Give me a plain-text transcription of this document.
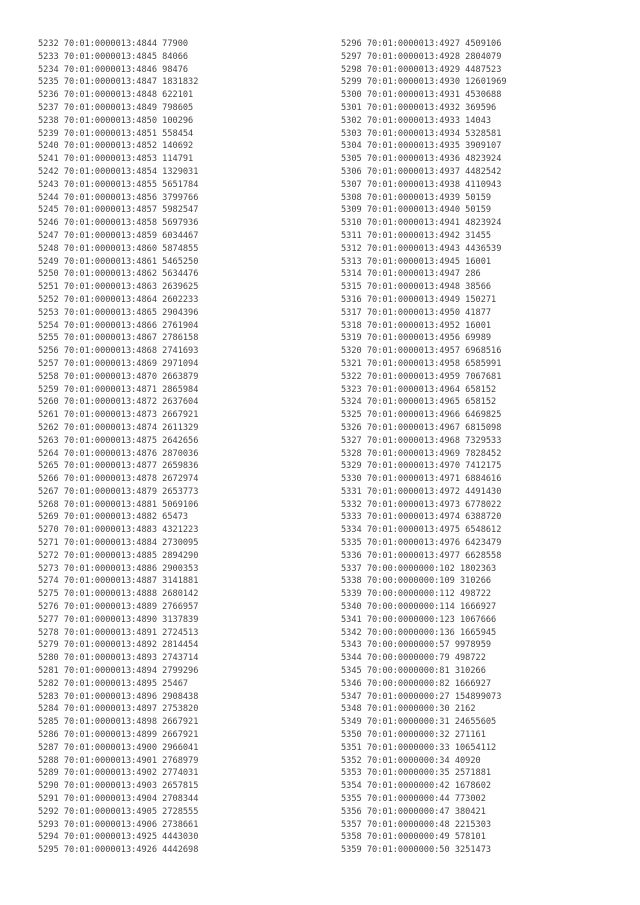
5232 70:01:0000013:4844 77900
5233 70:01:0000013:4845 84066
5234 70:01:0000013:4846 98476
5235 70:01:0000013:4847 1831832
5236 70:01:0000013:4848 622101
5237 70:01:0000013:4849 798605
5238 70:01:0000013:4850 100296
5239 70:01:0000013:4851 558454
5240 70:01:0000013:4852 140692
5241 70:01:0000013:4853 114791
5242 70:01:0000013:4854 1329031
5243 70:01:0000013:4855 5651784
5244 70:01:0000013:4856 3799766
5245 70:01:0000013:4857 5982547
5246 70:01:0000013:4858 5697936
5247 70:01:0000013:4859 6034467
5248 70:01:0000013:4860 5874855
5249 70:01:0000013:4861 5465250
5250 70:01:0000013:4862 5634476
5251 70:01:0000013:4863 2639625
5252 70:01:0000013:4864 2602233
5253 70:01:0000013:4865 2904396
5254 70:01:0000013:4866 2761904
5255 70:01:0000013:4867 2786158
5256 70:01:0000013:4868 2741693
5257 70:01:0000013:4869 2971094
5258 70:01:0000013:4870 2663879
5259 70:01:0000013:4871 2865984
5260 70:01:0000013:4872 2637604
5261 70:01:0000013:4873 2667921
5262 70:01:0000013:4874 2611329
5263 70:01:0000013:4875 2642656
5264 70:01:0000013:4876 2870036
5265 70:01:0000013:4877 2659836
5266 70:01:0000013:4878 2672974
5267 70:01:0000013:4879 2653773
5268 70:01:0000013:4881 5069106
5269 70:01:0000013:4882 65473
5270 70:01:0000013:4883 4321223
5271 70:01:0000013:4884 2730095
5272 70:01:0000013:4885 2894290
5273 70:01:0000013:4886 2900353
5274 70:01:0000013:4887 3141881
5275 70:01:0000013:4888 2680142
5276 70:01:0000013:4889 2766957
5277 70:01:0000013:4890 3137839
5278 70:01:0000013:4891 2724513
5279 70:01:0000013:4892 2814454
5280 70:01:0000013:4893 2743714
5281 70:01:0000013:4894 2799296
5282 70:01:0000013:4895 25467
5283 70:01:0000013:4896 2908438
5284 70:01:0000013:4897 2753820
5285 70:01:0000013:4898 2667921
5286 70:01:0000013:4899 2667921
5287 70:01:0000013:4900 2966041
5288 70:01:0000013:4901 2768979
5289 70:01:0000013:4902 2774031
5290 70:01:0000013:4903 2657815
5291 70:01:0000013:4904 2708344
5292 70:01:0000013:4905 2728555
5293 70:01:0000013:4906 2738661
5294 70:01:0000013:4925 4443030
5295 70:01:0000013:4926 4442698
5296 70:01:0000013:4927 4509106
5297 70:01:0000013:4928 2804079
5298 70:01:0000013:4929 4487523
5299 70:01:0000013:4930 12601969
5300 70:01:0000013:4931 4530688
5301 70:01:0000013:4932 369596
5302 70:01:0000013:4933 14043
5303 70:01:0000013:4934 5328581
5304 70:01:0000013:4935 3909107
5305 70:01:0000013:4936 4823924
5306 70:01:0000013:4937 4482542
5307 70:01:0000013:4938 4110943
5308 70:01:0000013:4939 50159
5309 70:01:0000013:4940 50159
5310 70:01:0000013:4941 4823924
5311 70:01:0000013:4942 31455
5312 70:01:0000013:4943 4436539
5313 70:01:0000013:4945 16001
5314 70:01:0000013:4947 286
5315 70:01:0000013:4948 38566
5316 70:01:0000013:4949 150271
5317 70:01:0000013:4950 41877
5318 70:01:0000013:4952 16001
5319 70:01:0000013:4956 69989
5320 70:01:0000013:4957 6968516
5321 70:01:0000013:4958 6585991
5322 70:01:0000013:4959 7067681
5323 70:01:0000013:4964 658152
5324 70:01:0000013:4965 658152
5325 70:01:0000013:4966 6469825
5326 70:01:0000013:4967 6815098
5327 70:01:0000013:4968 7329533
5328 70:01:0000013:4969 7828452
5329 70:01:0000013:4970 7412175
5330 70:01:0000013:4971 6884616
5331 70:01:0000013:4972 4491430
5332 70:01:0000013:4973 6778022
5333 70:01:0000013:4974 6388720
5334 70:01:0000013:4975 6548612
5335 70:01:0000013:4976 6423479
5336 70:01:0000013:4977 6628558
5337 70:00:0000000:102 1802363
5338 70:00:0000000:109 310266
5339 70:00:0000000:112 498722
5340 70:00:0000000:114 1666927
5341 70:00:0000000:123 1067666
5342 70:00:0000000:136 1665945
5343 70:00:0000000:57 9978959
5344 70:00:0000000:79 498722
5345 70:00:0000000:81 310266
5346 70:00:0000000:82 1666927
5347 70:01:0000000:27 154899073
5348 70:01:0000000:30 2162
5349 70:01:0000000:31 24655605
5350 70:01:0000000:32 271161
5351 70:01:0000000:33 10654112
5352 70:01:0000000:34 40920
5353 70:01:0000000:35 2571881
5354 70:01:0000000:42 1678602
5355 70:01:0000000:44 773002
5356 70:01:0000000:47 380421
5357 70:01:0000000:48 2215303
5358 70:01:0000000:49 578101
5359 70:01:0000000:50 3251473
